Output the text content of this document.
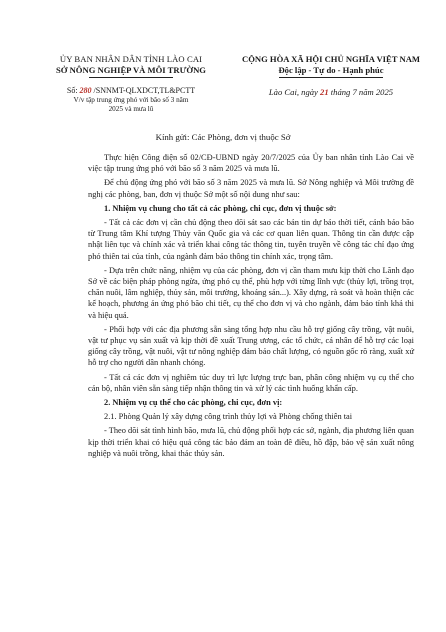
ỦY BAN NHÂN DÂN TỈNH LÀO CAI
SỞ NÔNG NGHIỆP VÀ MÔI TRƯỜNG
CỘNG HÒA XÃ HỘI CHỦ NGHĨA VIỆT NAM
Độc lập - Tự do - Hạnh phúc
Số: 280 /SNNMT-QLXDCT,TL&PCTT
V/v tập trung ứng phó với bão số 3 năm
2025 và mưa lũ
Lào Cai, ngày 21 tháng 7 năm 2025
Kính gửi: Các Phòng, đơn vị thuộc Sở

Thực hiện Công điện số 02/CĐ-UBND ngày 20/7/2025 của Ủy ban nhân tỉnh Lào Cai về việc tập trung ứng phó với bão số 3 năm 2025 và mưa lũ.

Để chủ động ứng phó với bão số 3 năm 2025 và mưa lũ. Sở Nông nghiệp và Môi trường đề nghị các phòng, ban, đơn vị thuộc Sở một số nội dung như sau:

1. Nhiệm vụ chung cho tất cả các phòng, chi cục, đơn vị thuộc sở:

- Tất cả các đơn vị cần chủ động theo dõi sát sao các bản tin dự báo thời tiết, cảnh báo bão từ Trung tâm Khí tượng Thủy văn Quốc gia và các cơ quan liên quan. Thông tin cần được cập nhật liên tục và chính xác và triển khai công tác thông tin, tuyên truyền về công tác chỉ đạo ứng phó thiên tai của tỉnh, của ngành đảm bảo thông tin chính xác, trọng tâm.

- Dựa trên chức năng, nhiệm vụ của các phòng, đơn vị cần tham mưu kịp thời cho Lãnh đạo Sở về các biện pháp phòng ngừa, ứng phó cụ thể, phù hợp với từng lĩnh vực (thủy lợi, trồng trọt, chăn nuôi, lâm nghiệp, thủy sản, môi trường, khoáng sản...). Xây dựng, rà soát và hoàn thiện các kế hoạch, phương án ứng phó bão chi tiết, cụ thể cho đơn vị và cho ngành, đảm bảo tính khả thi và hiệu quả.

- Phối hợp với các địa phương sẵn sàng tổng hợp nhu cầu hỗ trợ giống cây trồng, vật nuôi, vật tư phục vụ sản xuất và kịp thời đề xuất Trung ương, các tổ chức, cá nhân để hỗ trợ các loại giống cây trồng, vật nuôi, vật tư nông nghiệp đảm bảo chất lượng, có nguồn gốc rõ ràng, xuất xứ hỗ trợ cho người dân nhanh chóng.

- Tất cả các đơn vị nghiêm túc duy trì lực lượng trực ban, phân công nhiệm vụ cụ thể cho cán bộ, nhân viên sẵn sàng tiếp nhận thông tin và xử lý các tình huống khẩn cấp.

2. Nhiệm vụ cụ thể cho các phòng, chi cục, đơn vị:

2.1. Phòng Quản lý xây dựng công trình thủy lợi và Phòng chống thiên tai

- Theo dõi sát tình hình bão, mưa lũ, chủ động phối hợp các sở, ngành, địa phương liên quan kịp thời triển khai có hiệu quả công tác bảo đảm an toàn đê điều, hồ đập, bảo vệ sản xuất nông nghiệp và nuôi trồng, khai thác thủy sản.
